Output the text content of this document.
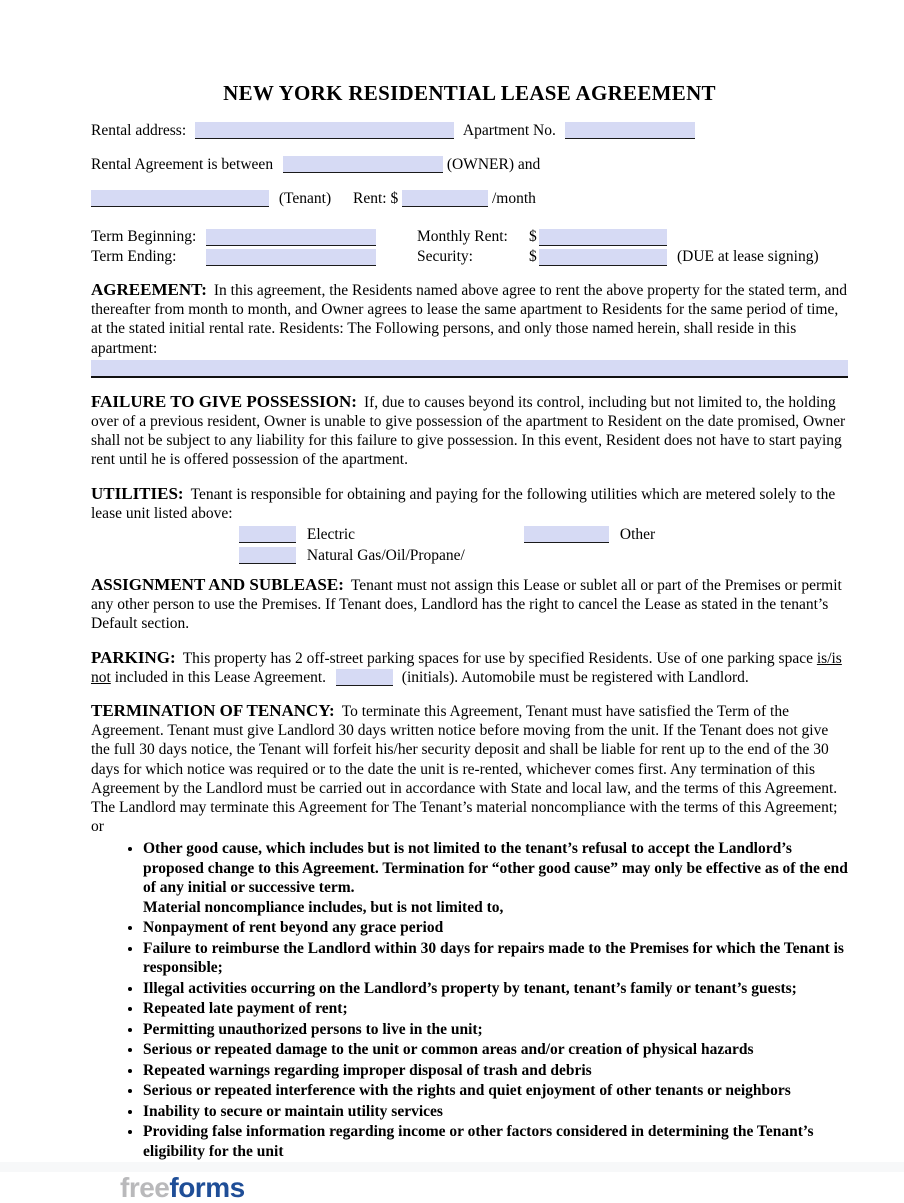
NEW YORK RESIDENTIAL LEASE AGREEMENT
Rental address:	Apartment No.
Rental Agreement is between	(OWNER) and
(Tenant) Rent: $	/month
Term Beginning:	Monthly Rent:	$
Term Ending:	Security:	$	(DUE at lease signing)
AGREEMENT: In this agreement, the Residents named above agree to rent the above property for the stated term, and thereafter from month to month, and Owner agrees to lease the same apartment to Residents for the same period of time, at the stated initial rental rate. Residents: The Following persons, and only those named herein, shall reside in this apartment:
FAILURE TO GIVE POSSESSION: If, due to causes beyond its control, including but not limited to, the holding over of a previous resident, Owner is unable to give possession of the apartment to Resident on the date promised, Owner shall not be subject to any liability for this failure to give possession. In this event, Resident does not have to start paying rent until he is offered possession of the apartment.
UTILITIES: Tenant is responsible for obtaining and paying for the following utilities which are metered solely to the lease unit listed above:
Electric	Other
Natural Gas/Oil/Propane/
ASSIGNMENT AND SUBLEASE: Tenant must not assign this Lease or sublet all or part of the Premises or permit any other person to use the Premises. If Tenant does, Landlord has the right to cancel the Lease as stated in the tenant’s Default section.
PARKING: This property has 2 off-street parking spaces for use by specified Residents. Use of one parking space is/is not included in this Lease Agreement.	(initials). Automobile must be registered with Landlord.
TERMINATION OF TENANCY: To terminate this Agreement, Tenant must have satisfied the Term of the Agreement. Tenant must give Landlord 30 days written notice before moving from the unit. If the Tenant does not give the full 30 days notice, the Tenant will forfeit his/her security deposit and shall be liable for rent up to the end of the 30 days for which notice was required or to the date the unit is re-rented, whichever comes first. Any termination of this Agreement by the Landlord must be carried out in accordance with State and local law, and the terms of this Agreement. The Landlord may terminate this Agreement for The Tenant’s material noncompliance with the terms of this Agreement; or
• Other good cause, which includes but is not limited to the tenant’s refusal to accept the Landlord’s proposed change to this Agreement. Termination for “other good cause” may only be effective as of the end of any initial or successive term.
Material noncompliance includes, but is not limited to,
• Nonpayment of rent beyond any grace period
• Failure to reimburse the Landlord within 30 days for repairs made to the Premises for which the Tenant is responsible;
• Illegal activities occurring on the Landlord’s property by tenant, tenant’s family or tenant’s guests;
• Repeated late payment of rent;
• Permitting unauthorized persons to live in the unit;
• Serious or repeated damage to the unit or common areas and/or creation of physical hazards
• Repeated warnings regarding improper disposal of trash and debris
• Serious or repeated interference with the rights and quiet enjoyment of other tenants or neighbors
• Inability to secure or maintain utility services
• Providing false information regarding income or other factors considered in determining the Tenant’s eligibility for the unit
freeforms
